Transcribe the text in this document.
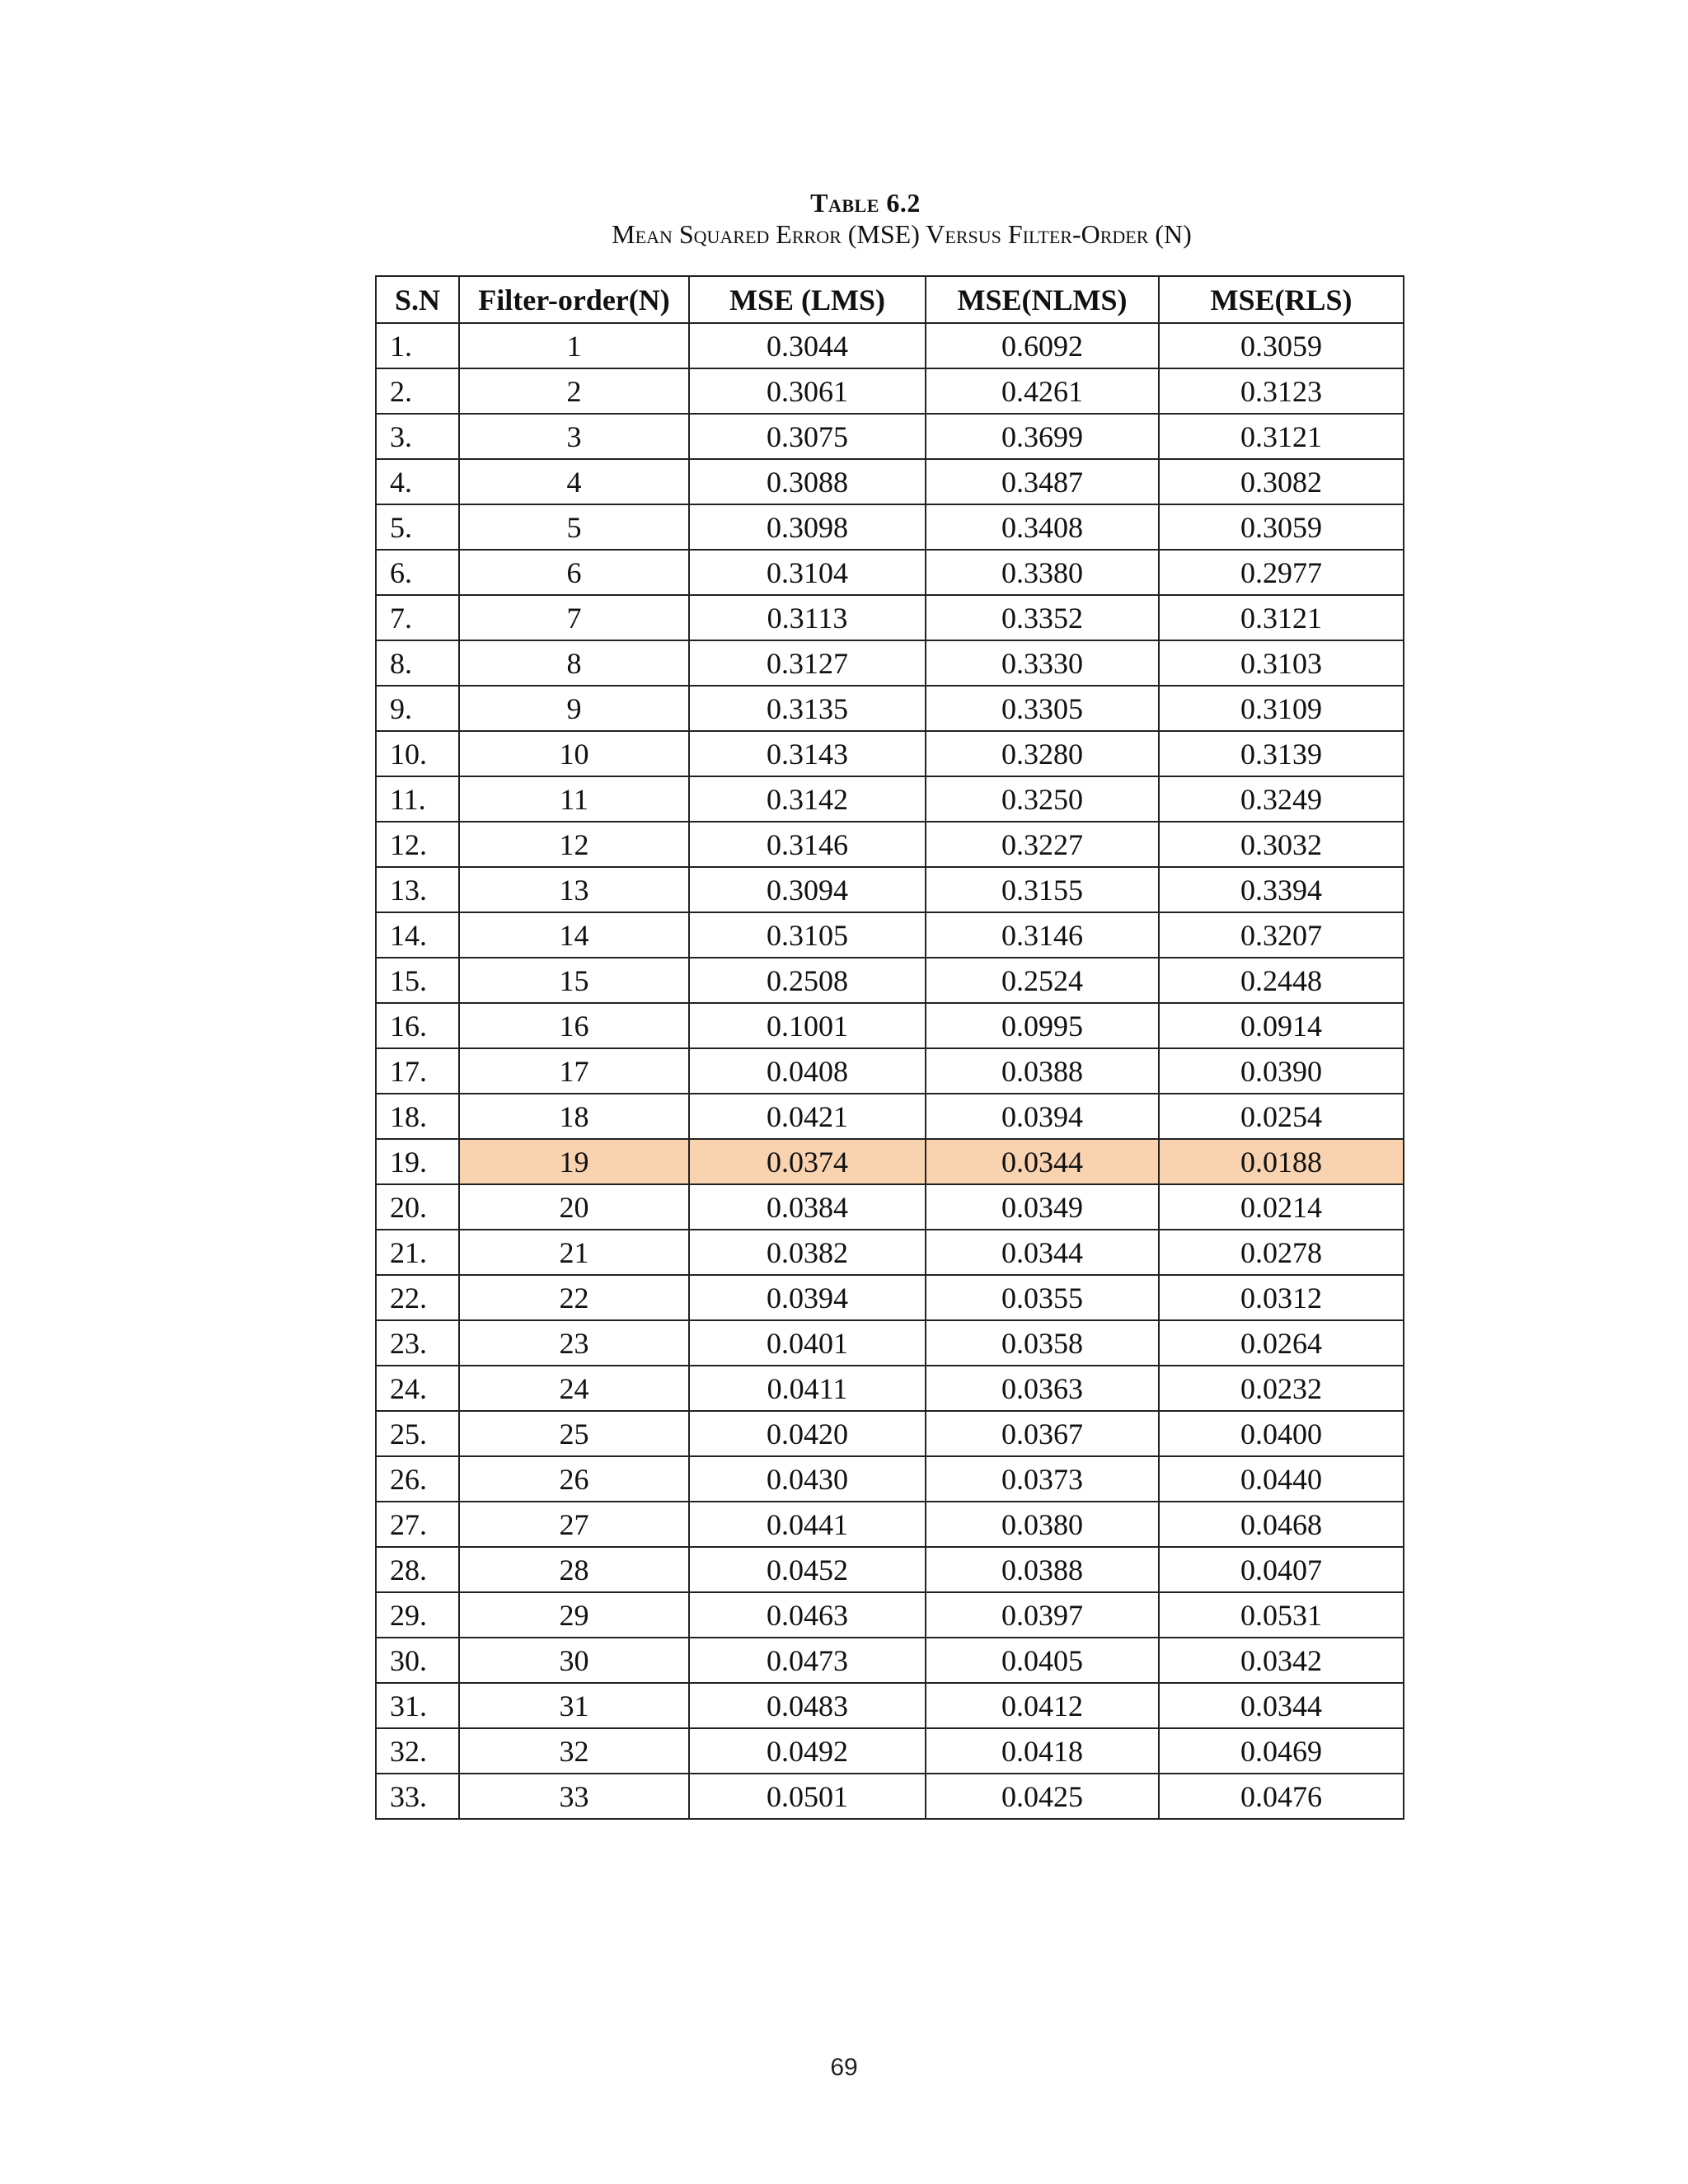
Table 6.2
Mean Squared Error (MSE) Versus Filter-Order (N)
S.N	Filter-order(N)	MSE (LMS)	MSE(NLMS)	MSE(RLS)
1.	1	0.3044	0.6092	0.3059
2.	2	0.3061	0.4261	0.3123
3.	3	0.3075	0.3699	0.3121
4.	4	0.3088	0.3487	0.3082
5.	5	0.3098	0.3408	0.3059
6.	6	0.3104	0.3380	0.2977
7.	7	0.3113	0.3352	0.3121
8.	8	0.3127	0.3330	0.3103
9.	9	0.3135	0.3305	0.3109
10.	10	0.3143	0.3280	0.3139
11.	11	0.3142	0.3250	0.3249
12.	12	0.3146	0.3227	0.3032
13.	13	0.3094	0.3155	0.3394
14.	14	0.3105	0.3146	0.3207
15.	15	0.2508	0.2524	0.2448
16.	16	0.1001	0.0995	0.0914
17.	17	0.0408	0.0388	0.0390
18.	18	0.0421	0.0394	0.0254
19.	19	0.0374	0.0344	0.0188
20.	20	0.0384	0.0349	0.0214
21.	21	0.0382	0.0344	0.0278
22.	22	0.0394	0.0355	0.0312
23.	23	0.0401	0.0358	0.0264
24.	24	0.0411	0.0363	0.0232
25.	25	0.0420	0.0367	0.0400
26.	26	0.0430	0.0373	0.0440
27.	27	0.0441	0.0380	0.0468
28.	28	0.0452	0.0388	0.0407
29.	29	0.0463	0.0397	0.0531
30.	30	0.0473	0.0405	0.0342
31.	31	0.0483	0.0412	0.0344
32.	32	0.0492	0.0418	0.0469
33.	33	0.0501	0.0425	0.0476
69
